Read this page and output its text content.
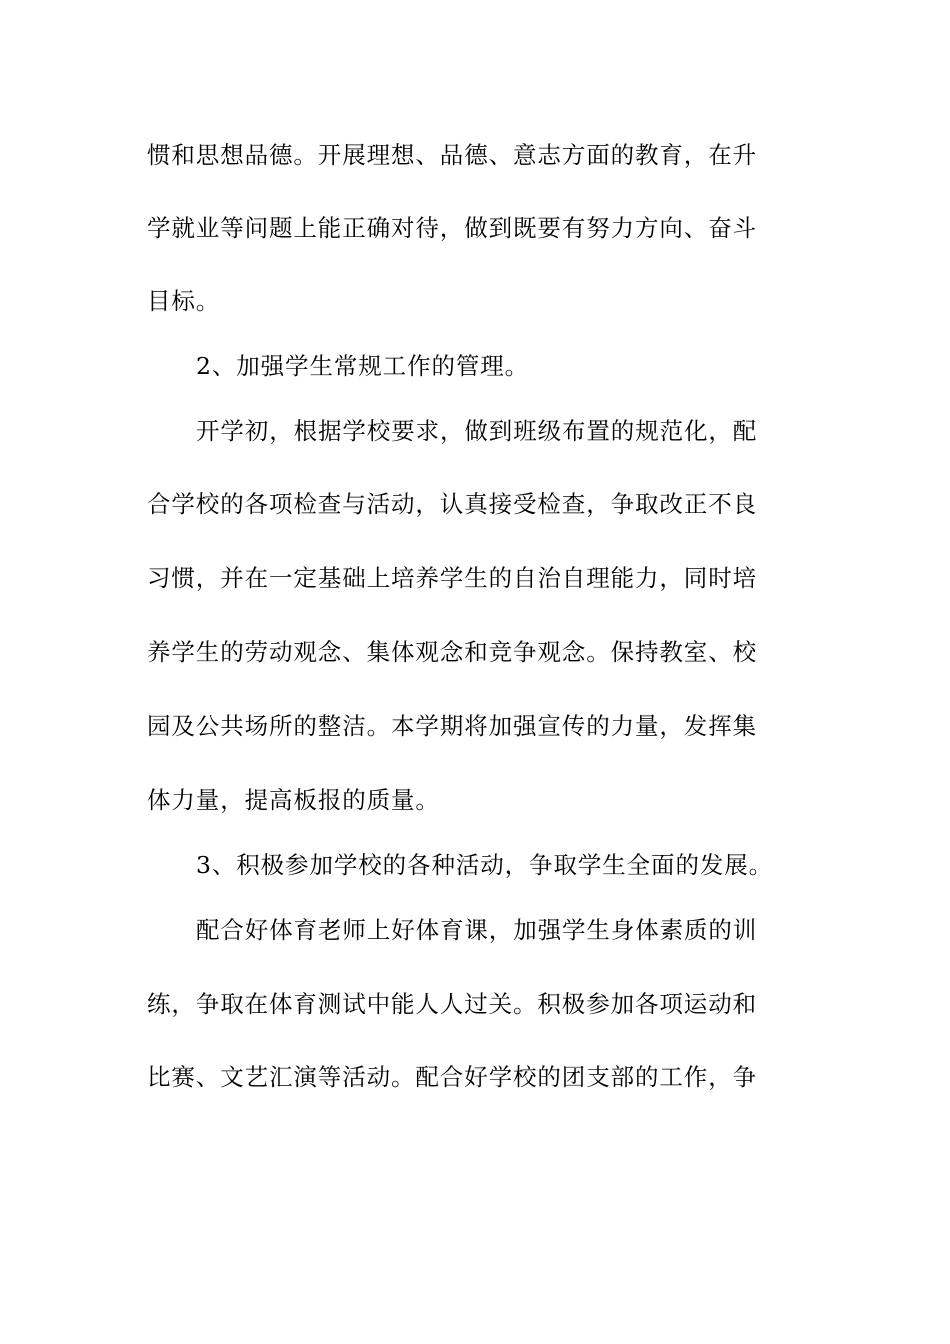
惯和思想品德。开展理想、品德、意志方面的教育，在升
学就业等问题上能正确对待，做到既要有努力方向、奋斗
目标。
2、加强学生常规工作的管理。
开学初，根据学校要求，做到班级布置的规范化，配
合学校的各项检查与活动，认真接受检查，争取改正不良
习惯，并在一定基础上培养学生的自治自理能力，同时培
养学生的劳动观念、集体观念和竞争观念。保持教室、校
园及公共场所的整洁。本学期将加强宣传的力量，发挥集
体力量，提高板报的质量。
3、积极参加学校的各种活动，争取学生全面的发展。
配合好体育老师上好体育课，加强学生身体素质的训
练，争取在体育测试中能人人过关。积极参加各项运动和
比赛、文艺汇演等活动。配合好学校的团支部的工作，争
